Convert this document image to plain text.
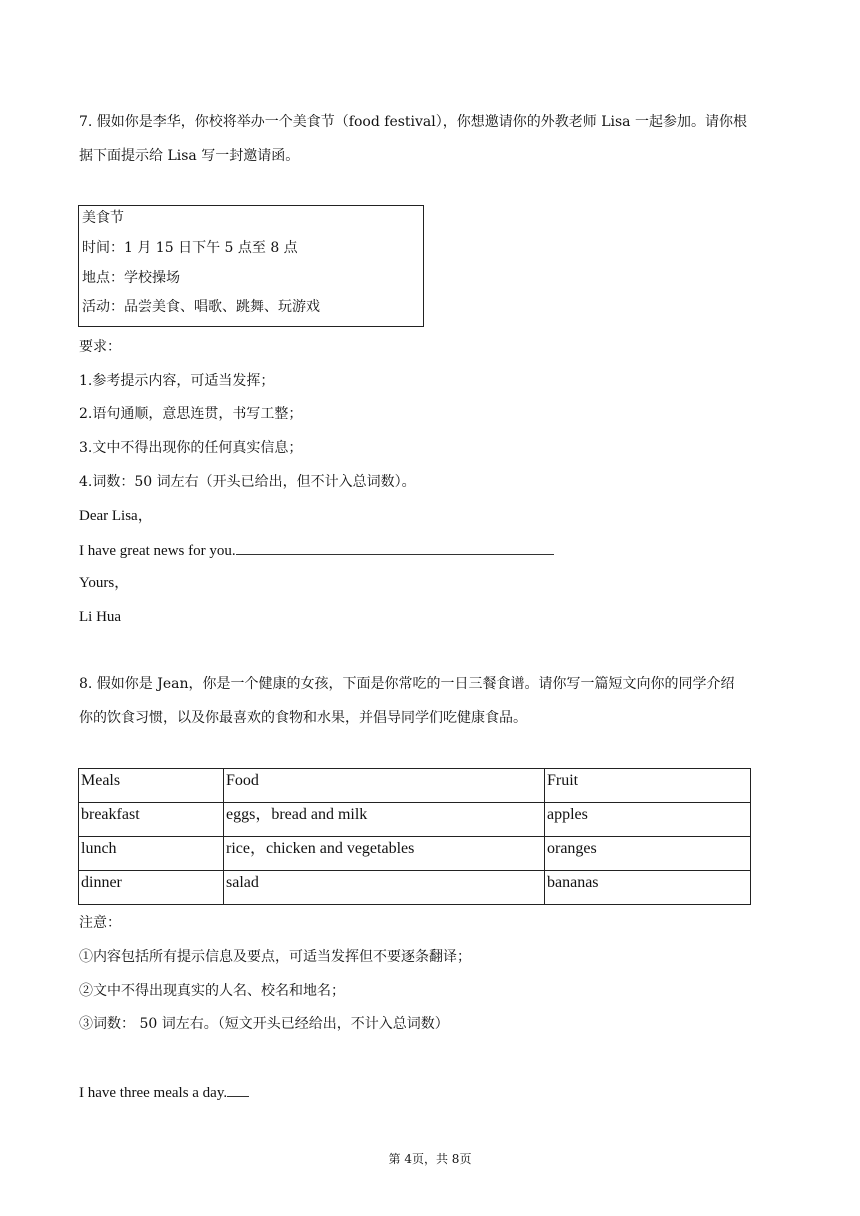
7. 假如你是李华，你校将举办一个美食节（food festival），你想邀请你的外教老师 Lisa 一起参加。请你根
据下面提示给 Lisa 写一封邀请函。
美食节
时间：1 月 15 日下午 5 点至 8 点
地点：学校操场
活动：品尝美食、唱歌、跳舞、玩游戏
要求：
1.参考提示内容，可适当发挥；
2.语句通顺，意思连贯，书写工整；
3.文中不得出现你的任何真实信息；
4.词数：50 词左右（开头已给出，但不计入总词数）。
Dear Lisa，
I have great news for you.
Yours，
Li Hua
8. 假如你是 Jean，你是一个健康的女孩，下面是你常吃的一日三餐食谱。请你写一篇短文向你的同学介绍
你的饮食习惯，以及你最喜欢的食物和水果，并倡导同学们吃健康食品。
Meals	Food	Fruit
breakfast	eggs，bread and milk	apples
lunch	rice，chicken and vegetables	oranges
dinner	salad	bananas
注意：
①内容包括所有提示信息及要点，可适当发挥但不要逐条翻译；
②文中不得出现真实的人名、校名和地名；
③词数： 50 词左右。（短文开头已经给出，不计入总词数）
I have three meals a day.
第 4页，共 8页
